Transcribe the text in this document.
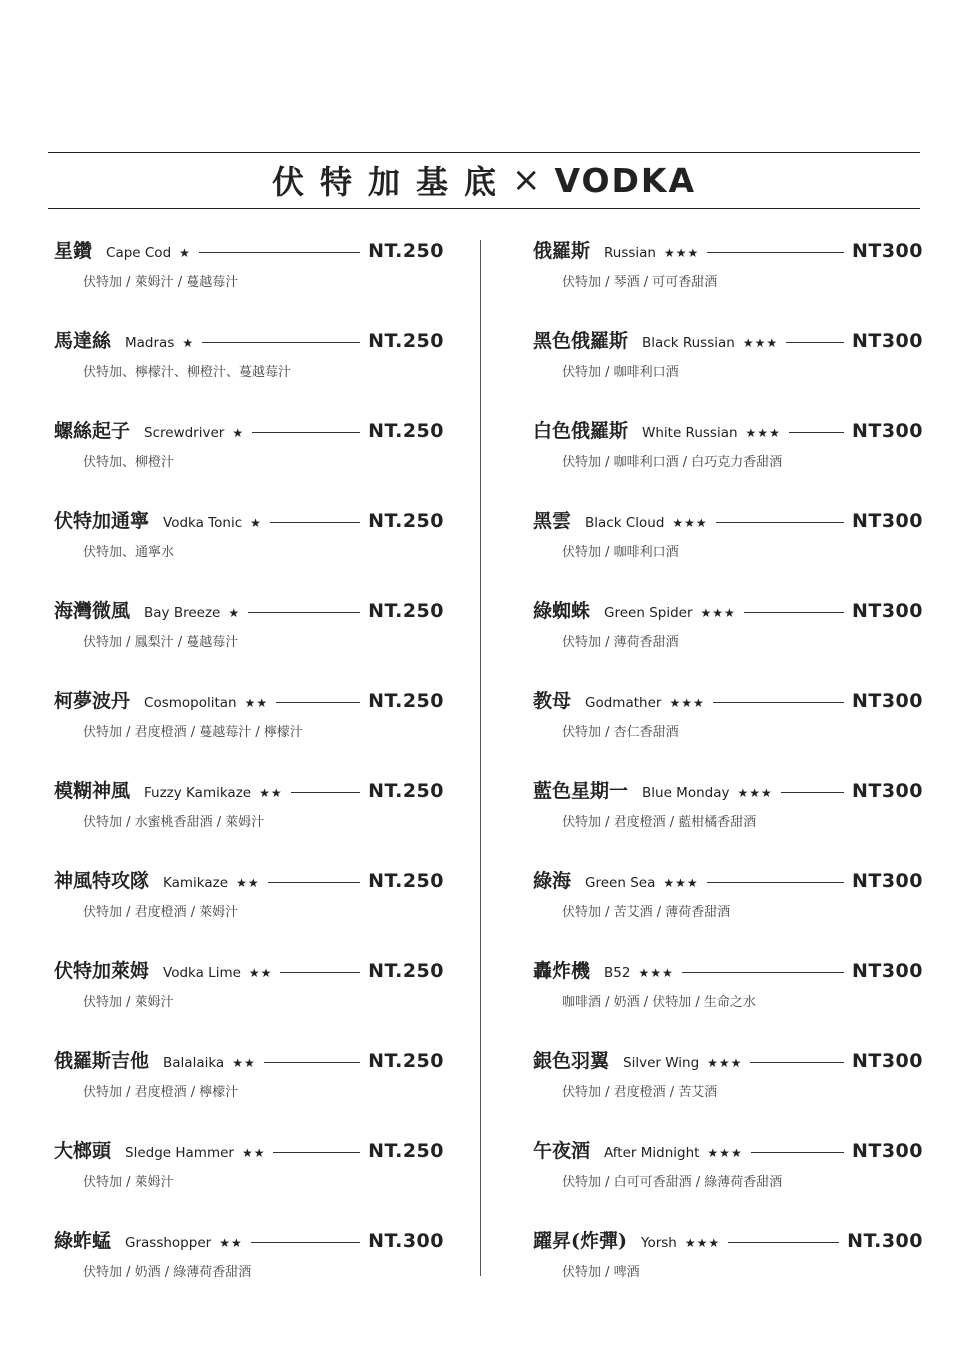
伏特加基底 × VODKA
星鑽 Cape Cod ★	NT.250
伏特加 / 萊姆汁 / 蔓越莓汁
馬達絲 Madras ★	NT.250
伏特加、檸檬汁、柳橙汁、蔓越莓汁
螺絲起子 Screwdriver ★	NT.250
伏特加、柳橙汁
伏特加通寧 Vodka Tonic ★	NT.250
伏特加、通寧水
海灣微風 Bay Breeze ★	NT.250
伏特加 / 鳳梨汁 / 蔓越莓汁
柯夢波丹 Cosmopolitan ★★	NT.250
伏特加 / 君度橙酒 / 蔓越莓汁 / 檸檬汁
模糊神風 Fuzzy Kamikaze ★★	NT.250
伏特加 / 水蜜桃香甜酒 / 萊姆汁
神風特攻隊 Kamikaze ★★	NT.250
伏特加 / 君度橙酒 / 萊姆汁
伏特加萊姆 Vodka Lime ★★	NT.250
伏特加 / 萊姆汁
俄羅斯吉他 Balalaika ★★	NT.250
伏特加 / 君度橙酒 / 檸檬汁
大榔頭 Sledge Hammer ★★	NT.250
伏特加 / 萊姆汁
綠蚱蜢 Grasshopper ★★	NT.300
伏特加 / 奶酒 / 綠薄荷香甜酒
俄羅斯 Russian ★★★	NT300
伏特加 / 琴酒 / 可可香甜酒
黑色俄羅斯 Black Russian ★★★	NT300
伏特加 / 咖啡利口酒
白色俄羅斯 White Russian ★★★	NT300
伏特加 / 咖啡利口酒 / 白巧克力香甜酒
黑雲 Black Cloud ★★★	NT300
伏特加 / 咖啡利口酒
綠蜘蛛 Green Spider ★★★	NT300
伏特加 / 薄荷香甜酒
教母 Godmather ★★★	NT300
伏特加 / 杏仁香甜酒
藍色星期一 Blue Monday ★★★	NT300
伏特加 / 君度橙酒 / 藍柑橘香甜酒
綠海 Green Sea ★★★	NT300
伏特加 / 苦艾酒 / 薄荷香甜酒
轟炸機 B52 ★★★	NT300
咖啡酒 / 奶酒 / 伏特加 / 生命之水
銀色羽翼 Silver Wing ★★★	NT300
伏特加 / 君度橙酒 / 苦艾酒
午夜酒 After Midnight ★★★	NT300
伏特加 / 白可可香甜酒 / 綠薄荷香甜酒
躍昇(炸彈) Yorsh ★★★	NT.300
伏特加 / 啤酒
